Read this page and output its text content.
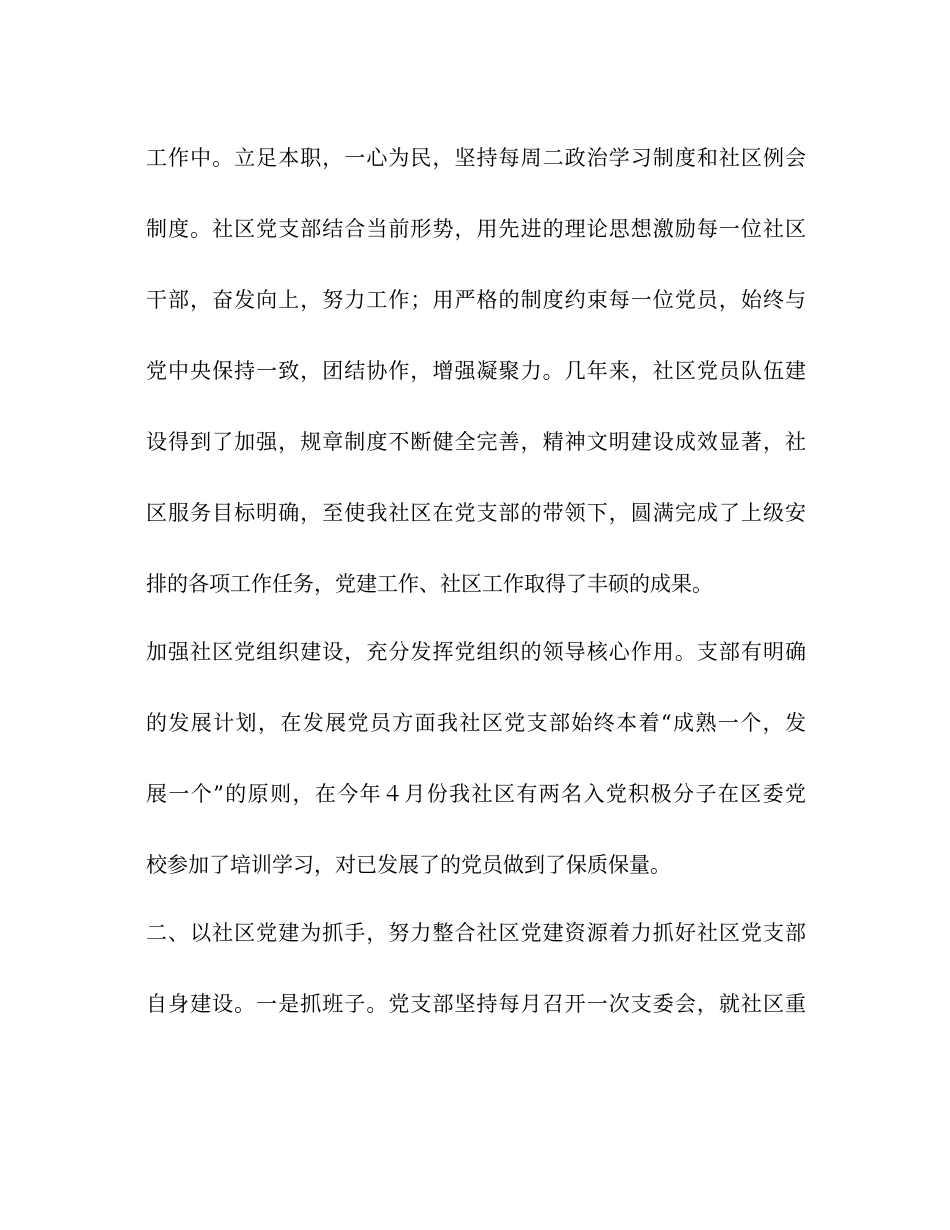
工作中。立足本职，一心为民，坚持每周二政治学习制度和社区例会
制度。社区党支部结合当前形势，用先进的理论思想激励每一位社区
干部，奋发向上，努力工作；用严格的制度约束每一位党员，始终与
党中央保持一致，团结协作，增强凝聚力。几年来，社区党员队伍建
设得到了加强，规章制度不断健全完善，精神文明建设成效显著，社
区服务目标明确，至使我社区在党支部的带领下，圆满完成了上级安
排的各项工作任务，党建工作、社区工作取得了丰硕的成果。
加强社区党组织建设，充分发挥党组织的领导核心作用。支部有明确
的发展计划，在发展党员方面我社区党支部始终本着“成熟一个，发
展一个”的原则，在今年４月份我社区有两名入党积极分子在区委党
校参加了培训学习，对已发展了的党员做到了保质保量。
二、以社区党建为抓手，努力整合社区党建资源着力抓好社区党支部
自身建设。一是抓班子。党支部坚持每月召开一次支委会，就社区重
